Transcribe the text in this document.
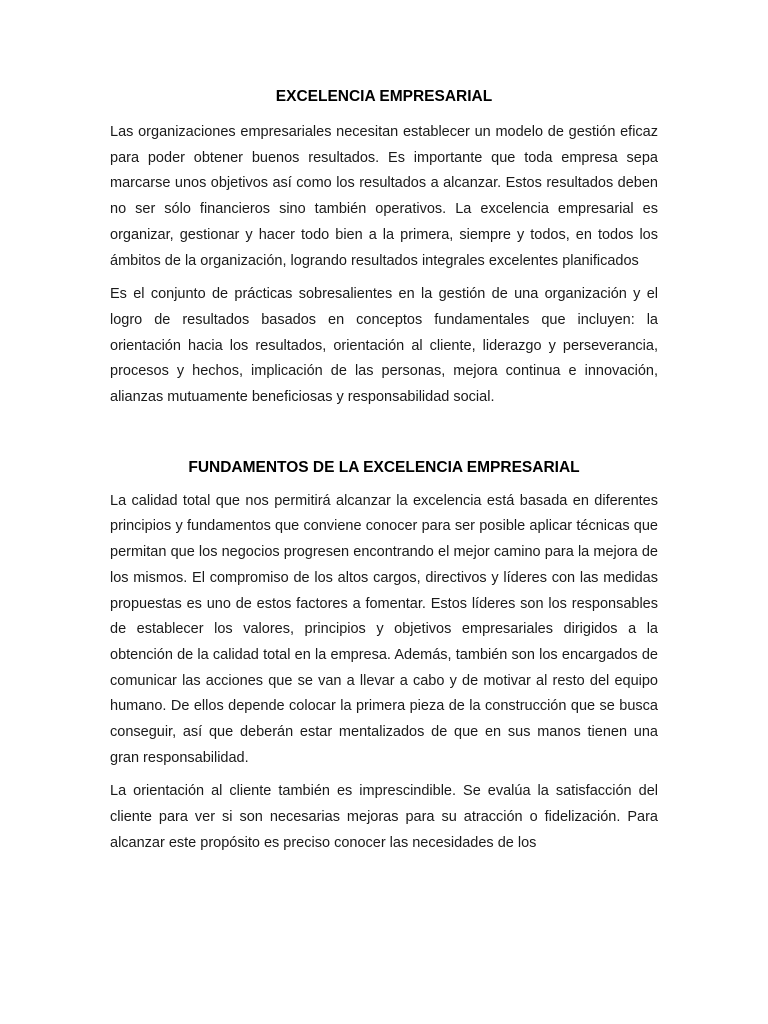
EXCELENCIA EMPRESARIAL

Las organizaciones empresariales necesitan establecer un modelo de gestión eficaz para poder obtener buenos resultados. Es importante que toda empresa sepa marcarse unos objetivos así como los resultados a alcanzar. Estos resultados deben no ser sólo financieros sino también operativos. La excelencia empresarial es organizar, gestionar y hacer todo bien a la primera, siempre y todos, en todos los ámbitos de la organización, logrando resultados integrales excelentes planificados

Es el conjunto de prácticas sobresalientes en la gestión de una organización y el logro de resultados basados en conceptos fundamentales que incluyen: la orientación hacia los resultados, orientación al cliente, liderazgo y perseverancia, procesos y hechos, implicación de las personas, mejora continua e innovación, alianzas mutuamente beneficiosas y responsabilidad social.

FUNDAMENTOS DE LA EXCELENCIA EMPRESARIAL

La calidad total que nos permitirá alcanzar la excelencia está basada en diferentes principios y fundamentos que conviene conocer para ser posible aplicar técnicas que permitan que los negocios progresen encontrando el mejor camino para la mejora de los mismos. El compromiso de los altos cargos, directivos y líderes con las medidas propuestas es uno de estos factores a fomentar. Estos líderes son los responsables de establecer los valores, principios y objetivos empresariales dirigidos a la obtención de la calidad total en la empresa. Además, también son los encargados de comunicar las acciones que se van a llevar a cabo y de motivar al resto del equipo humano. De ellos depende colocar la primera pieza de la construcción que se busca conseguir, así que deberán estar mentalizados de que en sus manos tienen una gran responsabilidad.

La orientación al cliente también es imprescindible. Se evalúa la satisfacción del cliente para ver si son necesarias mejoras para su atracción o fidelización. Para alcanzar este propósito es preciso conocer las necesidades de los
